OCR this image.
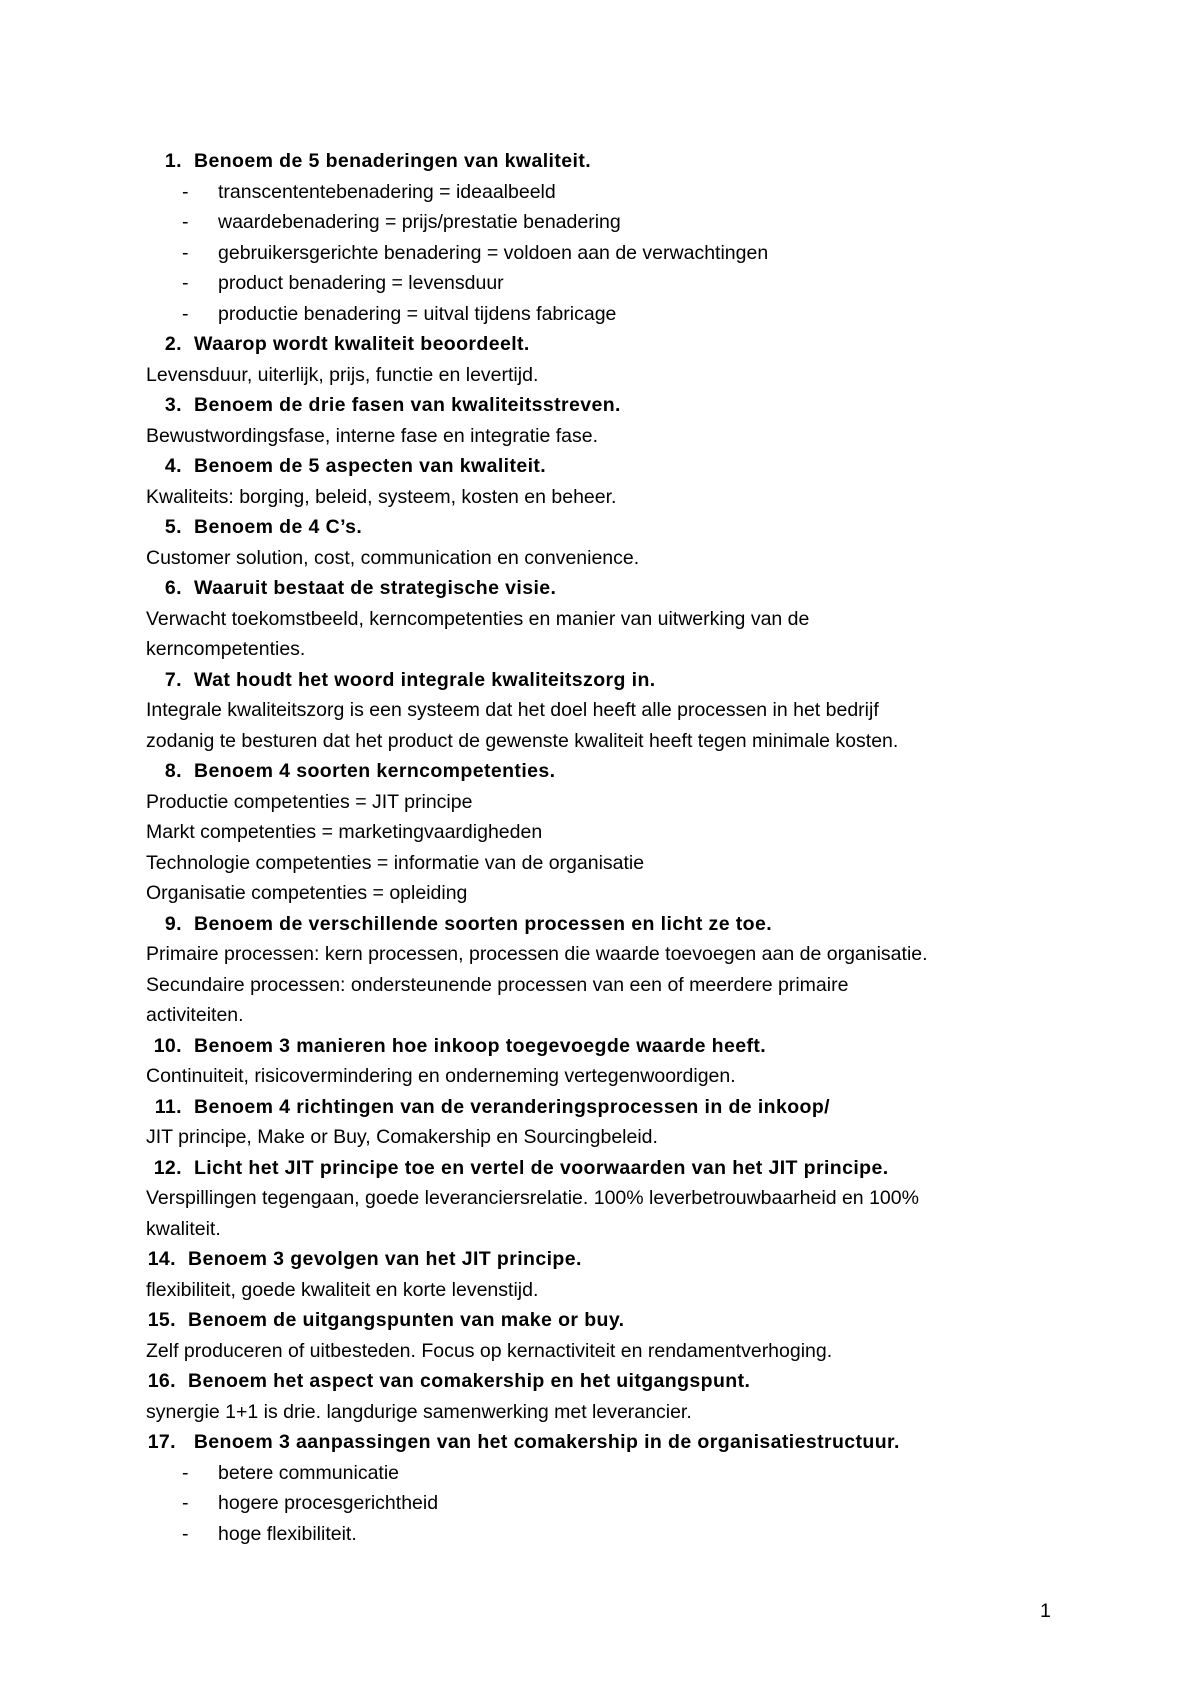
1. Benoem de 5 benaderingen van kwaliteit.
- transcententebenadering = ideaalbeeld
- waardebenadering = prijs/prestatie benadering
- gebruikersgerichte benadering = voldoen aan de verwachtingen
- product benadering = levensduur
- productie benadering = uitval tijdens fabricage
2. Waarop wordt kwaliteit beoordeelt.
Levensduur, uiterlijk, prijs, functie en levertijd.
3. Benoem de drie fasen van kwaliteitsstreven.
Bewustwordingsfase, interne fase en integratie fase.
4. Benoem de 5 aspecten van kwaliteit.
Kwaliteits: borging, beleid, systeem, kosten en beheer.
5. Benoem de 4 C’s.
Customer solution, cost, communication en convenience.
6. Waaruit bestaat de strategische visie.
Verwacht toekomstbeeld, kerncompetenties en manier van uitwerking van de
kerncompetenties.
7. Wat houdt het woord integrale kwaliteitszorg in.
Integrale kwaliteitszorg is een systeem dat het doel heeft alle processen in het bedrijf
zodanig te besturen dat het product de gewenste kwaliteit heeft tegen minimale kosten.
8. Benoem 4 soorten kerncompetenties.
Productie competenties = JIT principe
Markt competenties = marketingvaardigheden
Technologie competenties = informatie van de organisatie
Organisatie competenties = opleiding
9. Benoem de verschillende soorten processen en licht ze toe.
Primaire processen: kern processen, processen die waarde toevoegen aan de organisatie.
Secundaire processen: ondersteunende processen van een of meerdere primaire
activiteiten.
10. Benoem 3 manieren hoe inkoop toegevoegde waarde heeft.
Continuiteit, risicovermindering en onderneming vertegenwoordigen.
11. Benoem 4 richtingen van de veranderingsprocessen in de inkoop/
JIT principe, Make or Buy, Comakership en Sourcingbeleid.
12. Licht het JIT principe toe en vertel de voorwaarden van het JIT principe.
Verspillingen tegengaan, goede leveranciersrelatie. 100% leverbetrouwbaarheid en 100%
kwaliteit.
14. Benoem 3 gevolgen van het JIT principe.
flexibiliteit, goede kwaliteit en korte levenstijd.
15. Benoem de uitgangspunten van make or buy.
Zelf produceren of uitbesteden. Focus op kernactiviteit en rendamentverhoging.
16. Benoem het aspect van comakership en het uitgangspunt.
synergie 1+1 is drie. langdurige samenwerking met leverancier.
17. Benoem 3 aanpassingen van het comakership in de organisatiestructuur.
- betere communicatie
- hogere procesgerichtheid
- hoge flexibiliteit.
1
